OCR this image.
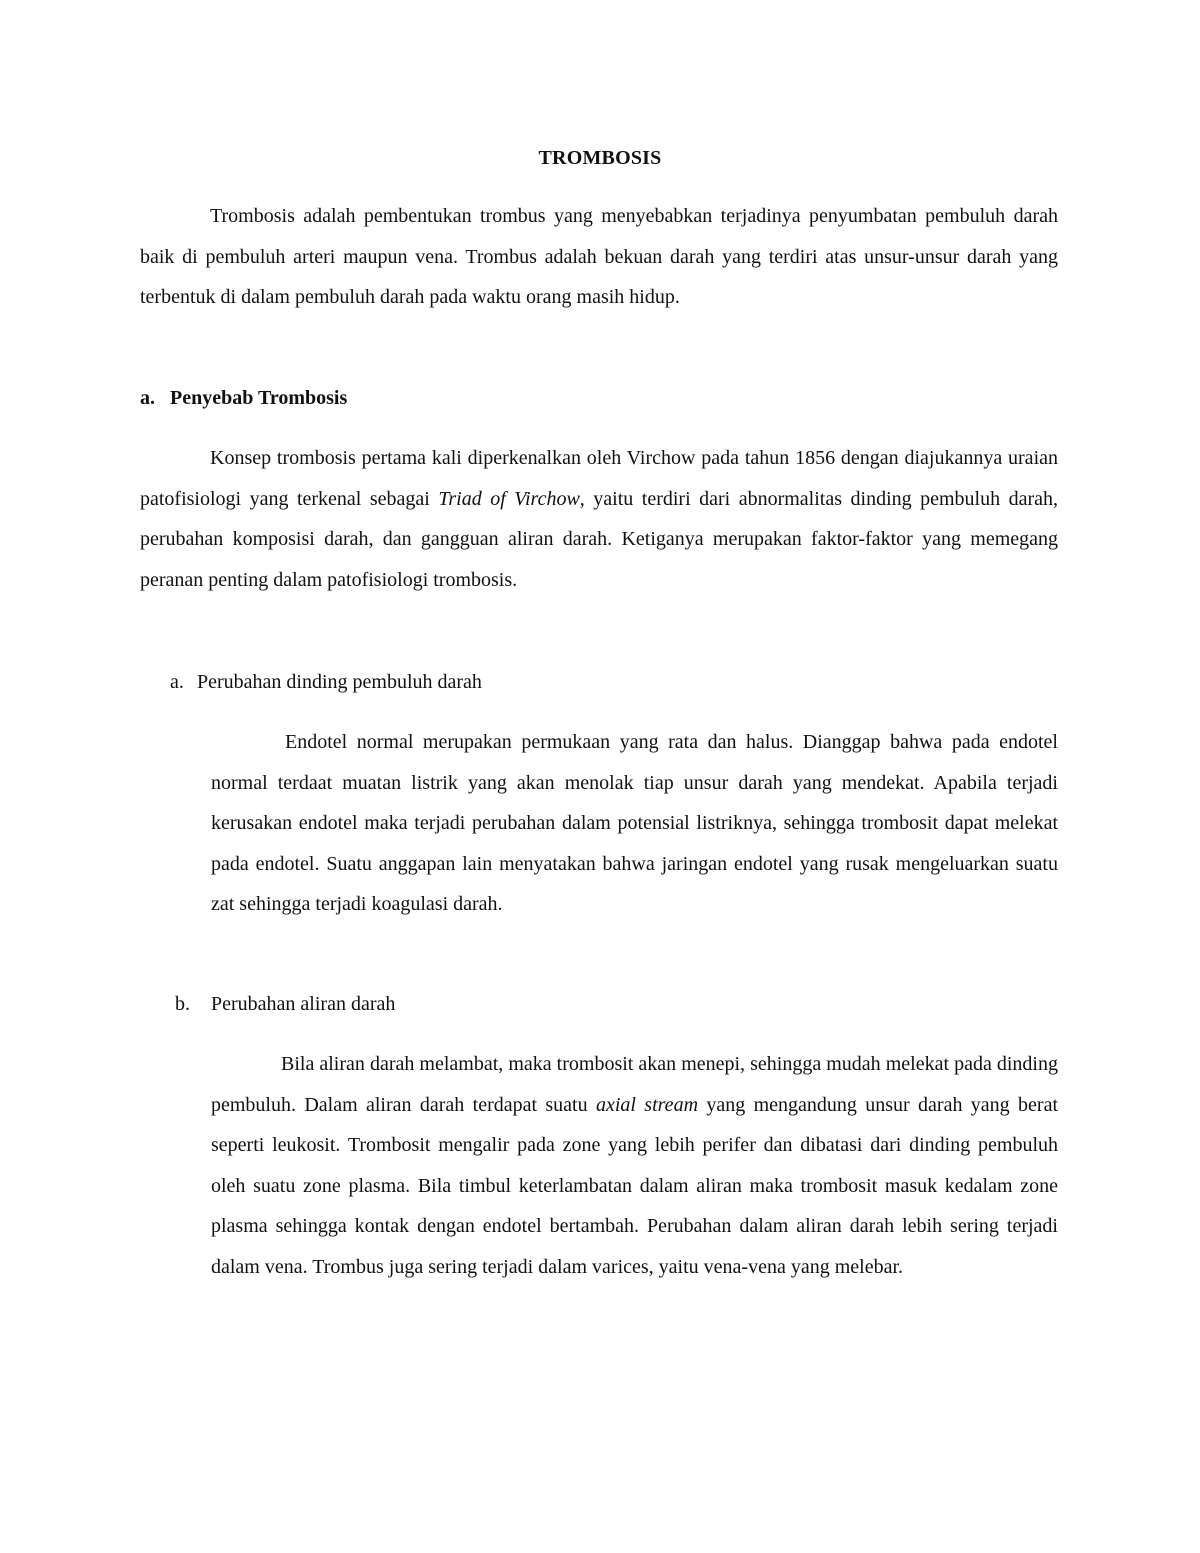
TROMBOSIS

Trombosis adalah pembentukan trombus yang menyebabkan terjadinya penyumbatan pembuluh darah baik di pembuluh arteri maupun vena. Trombus adalah bekuan darah yang terdiri atas unsur-unsur darah yang terbentuk di dalam pembuluh darah pada waktu orang masih hidup.

a. Penyebab Trombosis

Konsep trombosis pertama kali diperkenalkan oleh Virchow pada tahun 1856 dengan diajukannya uraian patofisiologi yang terkenal sebagai Triad of Virchow, yaitu terdiri dari abnormalitas dinding pembuluh darah, perubahan komposisi darah, dan gangguan aliran darah. Ketiganya merupakan faktor-faktor yang memegang peranan penting dalam patofisiologi trombosis.

a. Perubahan dinding pembuluh darah

Endotel normal merupakan permukaan yang rata dan halus. Dianggap bahwa pada endotel normal terdaat muatan listrik yang akan menolak tiap unsur darah yang mendekat. Apabila terjadi kerusakan endotel maka terjadi perubahan dalam potensial listriknya, sehingga trombosit dapat melekat pada endotel. Suatu anggapan lain menyatakan bahwa jaringan endotel yang rusak mengeluarkan suatu zat sehingga terjadi koagulasi darah.

b. Perubahan aliran darah

Bila aliran darah melambat, maka trombosit akan menepi, sehingga mudah melekat pada dinding pembuluh. Dalam aliran darah terdapat suatu axial stream yang mengandung unsur darah yang berat seperti leukosit. Trombosit mengalir pada zone yang lebih perifer dan dibatasi dari dinding pembuluh oleh suatu zone plasma. Bila timbul keterlambatan dalam aliran maka trombosit masuk kedalam zone plasma sehingga kontak dengan endotel bertambah. Perubahan dalam aliran darah lebih sering terjadi dalam vena. Trombus juga sering terjadi dalam varices, yaitu vena-vena yang melebar.
